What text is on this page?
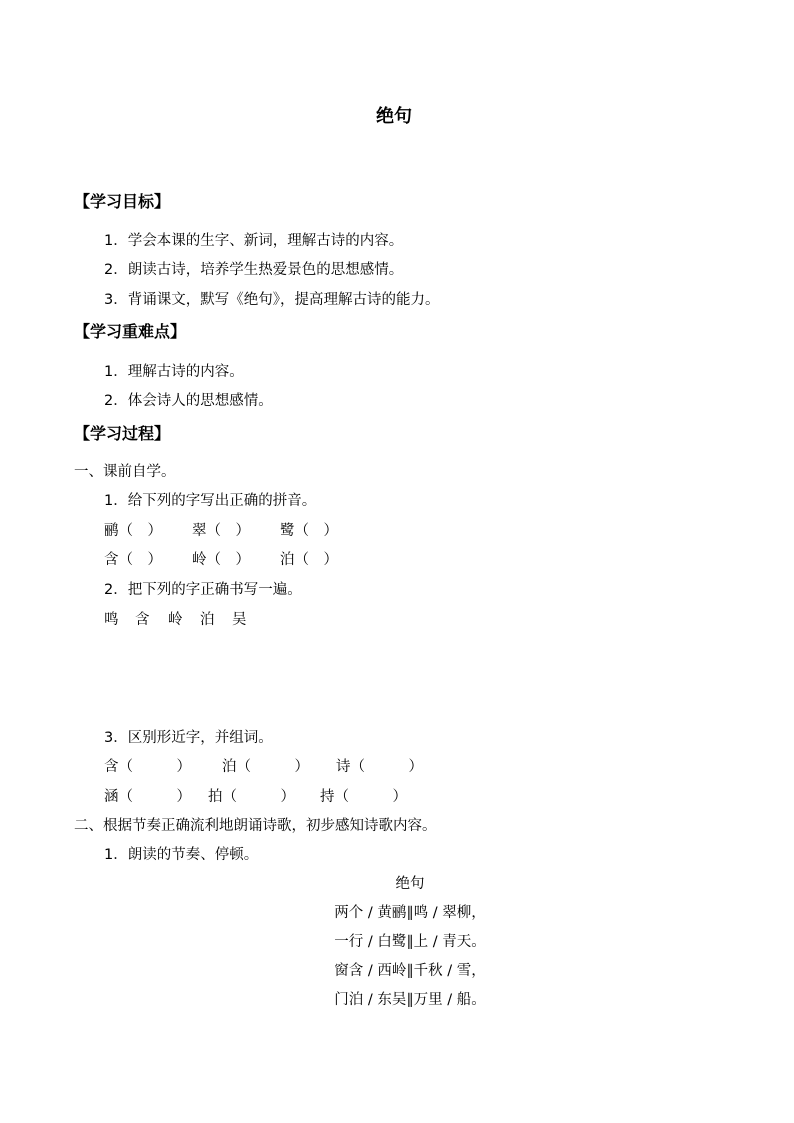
绝句
【学习目标】
1．学会本课的生字、新词，理解古诗的内容。
2．朗读古诗，培养学生热爱景色的思想感情。
3．背诵课文，默写《绝句》，提高理解古诗的能力。
【学习重难点】
1．理解古诗的内容。
2．体会诗人的思想感情。
【学习过程】
一、课前自学。
1．给下列的字写出正确的拼音。
鹂（　） 翠（　） 鹭（　）
含（　） 岭（　） 泊（　）
2．把下列的字正确书写一遍。
鸣 含 岭 泊 吴
3．区别形近字，并组词。
含（　　　） 泊（　　　） 诗（　　　）
涵（　　　） 拍（　　　） 持（　　　）
二、根据节奏正确流利地朗诵诗歌，初步感知诗歌内容。
1．朗读的节奏、停顿。
绝句
两个 / 黄鹂∥鸣 / 翠柳，
一行 / 白鹭∥上 / 青天。
窗含 / 西岭∥千秋 / 雪，
门泊 / 东吴∥万里 / 船。
